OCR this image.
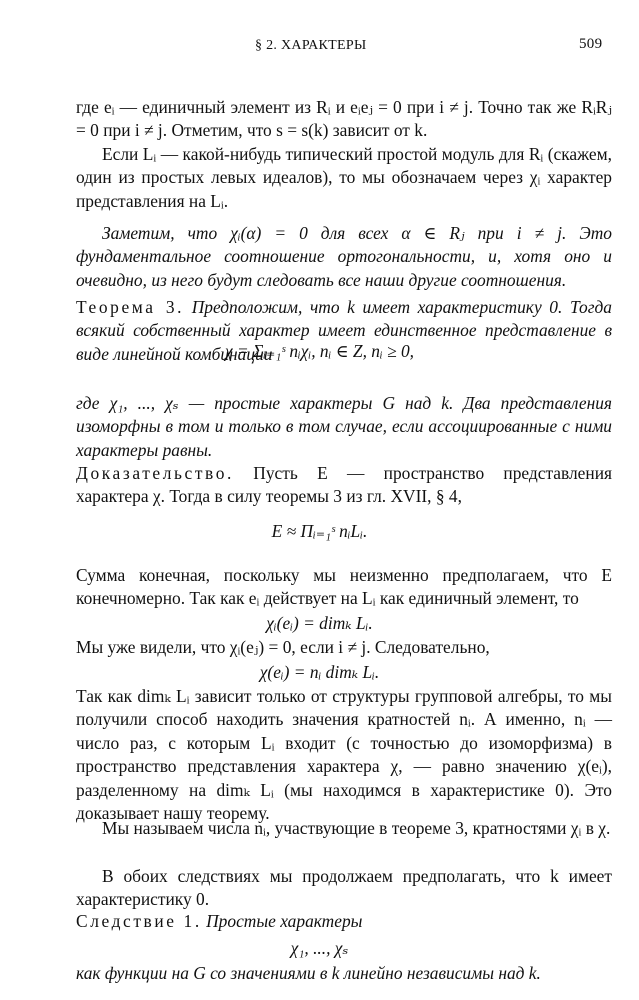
§ 2. ХАРАКТЕРЫ	509

где eᵢ — единичный элемент из Rᵢ и eᵢeⱼ = 0 при i ≠ j. Точно так же RᵢRⱼ = 0 при i ≠ j. Отметим, что s = s(k) зависит от k.

Если Lᵢ — какой-нибудь типический простой модуль для Rᵢ (скажем, один из простых левых идеалов), то мы обозначаем через χᵢ характер представления на Lᵢ.

Заметим, что χᵢ(α) = 0 для всех α ∈ Rⱼ при i ≠ j. Это фундаментальное соотношение ортогональности, и, хотя оно и очевидно, из него будут следовать все наши другие соотношения.

Теорема 3. Предположим, что k имеет характеристику 0. Тогда всякий собственный характер имеет единственное представление в виде линейной комбинации

χ = Σᵢ₌₁ˢ nᵢχᵢ, nᵢ ∈ Z, nᵢ ≥ 0,

где χ₁, ..., χₛ — простые характеры G над k. Два представления изоморфны в том и только в том случае, если ассоциированные с ними характеры равны.

Доказательство. Пусть E — пространство представления характера χ. Тогда в силу теоремы 3 из гл. XVII, § 4,

E ≈ Πᵢ₌₁ˢ nᵢLᵢ.

Сумма конечная, поскольку мы неизменно предполагаем, что E конечномерно. Так как eᵢ действует на Lᵢ как единичный элемент, то

χᵢ(eᵢ) = dimₖ Lᵢ.

Мы уже видели, что χᵢ(eⱼ) = 0, если i ≠ j. Следовательно,

χ(eᵢ) = nᵢ dimₖ Lᵢ.

Так как dimₖ Lᵢ зависит только от структуры групповой алгебры, то мы получили способ находить значения кратностей nᵢ. А именно, nᵢ — число раз, с которым Lᵢ входит (с точностью до изоморфизма) в пространство представления характера χ, — равно значению χ(eᵢ), разделенному на dimₖ Lᵢ (мы находимся в характеристике 0). Это доказывает нашу теорему.

Мы называем числа nᵢ, участвующие в теореме 3, кратностями χᵢ в χ.

В обоих следствиях мы продолжаем предполагать, что k имеет характеристику 0.

Следствие 1. Простые характеры

χ₁, ..., χₛ

как функции на G со значениями в k линейно независимы над k.
